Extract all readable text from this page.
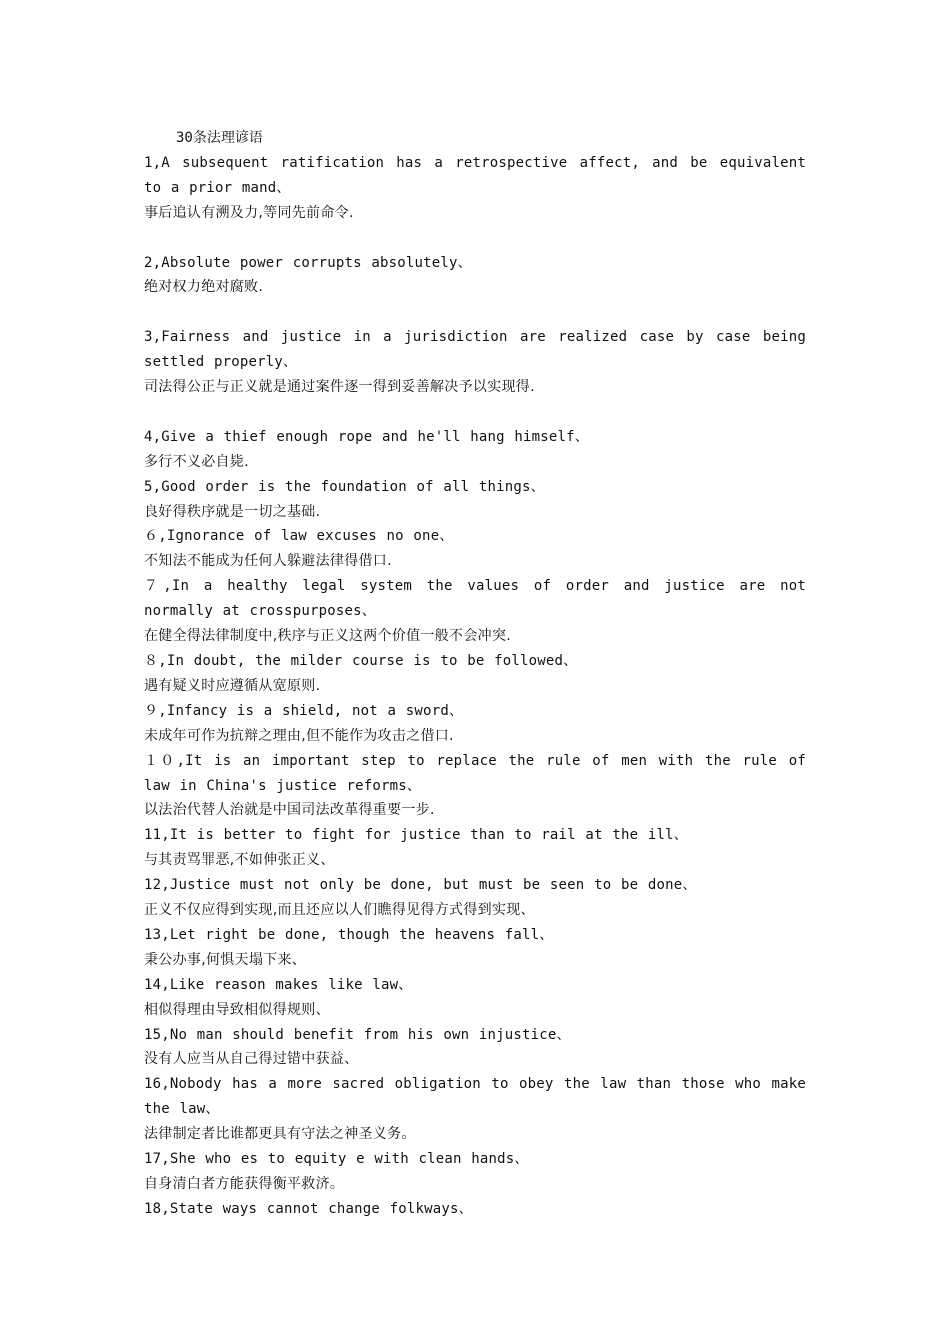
30条法理谚语
1,A subsequent ratification has a retrospective affect, and be equivalent to a prior mand、
事后追认有溯及力,等同先前命令.
2,Absolute power corrupts absolutely、
绝对权力绝对腐败.
3,Fairness and justice in a jurisdiction are realized case by case being settled properly、
司法得公正与正义就是通过案件逐一得到妥善解决予以实现得.
4,Give a thief enough rope and he'll hang himself、
多行不义必自毙.
5,Good order is the foundation of all things、
良好得秩序就是一切之基础.
６,Ignorance of law excuses no one、
不知法不能成为任何人躲避法律得借口.
７,In a healthy legal system the values of order and justice are not normally at crosspurposes、
在健全得法律制度中,秩序与正义这两个价值一般不会冲突.
８,In doubt, the milder course is to be followed、
遇有疑义时应遵循从宽原则.
９,Infancy is a shield, not a sword、
未成年可作为抗辩之理由,但不能作为攻击之借口.
１０,It is an important step to replace the rule of men with the rule of law in China's justice reforms、
以法治代替人治就是中国司法改革得重要一步.
11,It is better to fight for justice than to rail at the ill、
与其责骂罪恶,不如伸张正义、
12,Justice must not only be done, but must be seen to be done、
正义不仅应得到实现,而且还应以人们瞧得见得方式得到实现、
13,Let right be done, though the heavens fall、
秉公办事,何惧天塌下来、
14,Like reason makes like law、
相似得理由导致相似得规则、
15,No man should benefit from his own injustice、
没有人应当从自己得过错中获益、
16,Nobody has a more sacred obligation to obey the law than those who make the law、
法律制定者比谁都更具有守法之神圣义务。
17,She who es to equity e with clean hands、
自身清白者方能获得衡平救济。
18,State ways cannot change folkways、
